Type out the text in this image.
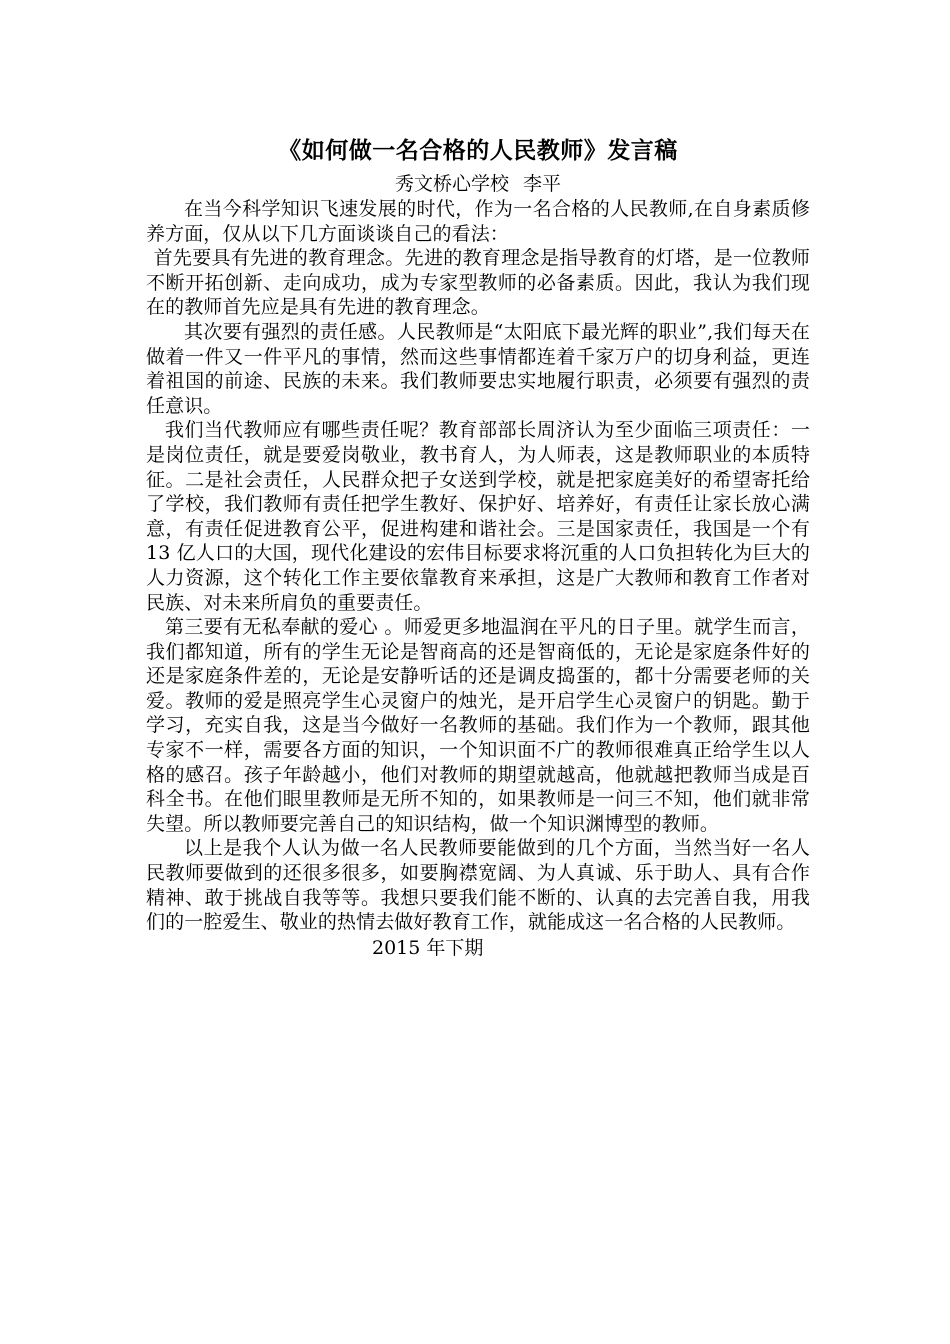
《如何做一名合格的人民教师》发言稿

秀文桥心学校 李平

在当今科学知识飞速发展的时代，作为一名合格的人民教师,在自身素质修养方面，仅从以下几方面谈谈自己的看法：

首先要具有先进的教育理念。先进的教育理念是指导教育的灯塔，是一位教师不断开拓创新、走向成功，成为专家型教师的必备素质。因此，我认为我们现在的教师首先应是具有先进的教育理念。

其次要有强烈的责任感。人民教师是“太阳底下最光辉的职业”,我们每天在做着一件又一件平凡的事情，然而这些事情都连着千家万户的切身利益，更连着祖国的前途、民族的未来。我们教师要忠实地履行职责，必须要有强烈的责任意识。

我们当代教师应有哪些责任呢？教育部部长周济认为至少面临三项责任：一是岗位责任，就是要爱岗敬业，教书育人，为人师表，这是教师职业的本质特征。二是社会责任，人民群众把子女送到学校，就是把家庭美好的希望寄托给了学校，我们教师有责任把学生教好、保护好、培养好，有责任让家长放心满意，有责任促进教育公平，促进构建和谐社会。三是国家责任，我国是一个有 13 亿人口的大国，现代化建设的宏伟目标要求将沉重的人口负担转化为巨大的人力资源，这个转化工作主要依靠教育来承担，这是广大教师和教育工作者对民族、对未来所肩负的重要责任。

第三要有无私奉献的爱心 。师爱更多地温润在平凡的日子里。就学生而言，我们都知道，所有的学生无论是智商高的还是智商低的，无论是家庭条件好的还是家庭条件差的，无论是安静听话的还是调皮捣蛋的，都十分需要老师的关爱。教师的爱是照亮学生心灵窗户的烛光，是开启学生心灵窗户的钥匙。勤于学习，充实自我，这是当今做好一名教师的基础。我们作为一个教师，跟其他专家不一样，需要各方面的知识，一个知识面不广的教师很难真正给学生以人格的感召。孩子年龄越小，他们对教师的期望就越高，他就越把教师当成是百科全书。在他们眼里教师是无所不知的，如果教师是一问三不知，他们就非常失望。所以教师要完善自己的知识结构，做一个知识渊博型的教师。

以上是我个人认为做一名人民教师要能做到的几个方面，当然当好一名人民教师要做到的还很多很多，如要胸襟宽阔、为人真诚、乐于助人、具有合作精神、敢于挑战自我等等。我想只要我们能不断的、认真的去完善自我，用我们的一腔爱生、敬业的热情去做好教育工作，就能成这一名合格的人民教师。

2015 年下期
